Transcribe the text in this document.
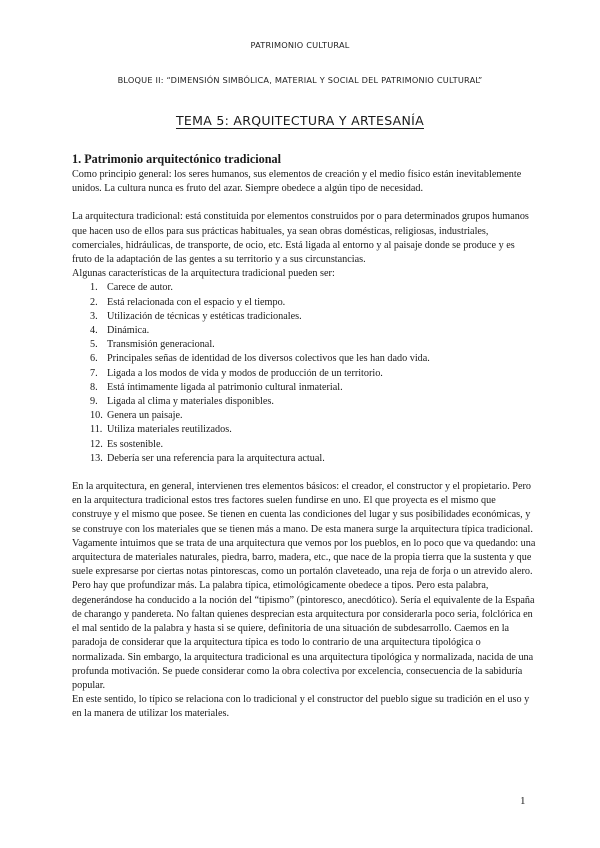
PATRIMONIO CULTURAL
BLOQUE II: “DIMENSIÓN SIMBÓLICA, MATERIAL Y SOCIAL DEL PATRIMONIO CULTURAL”
TEMA 5: ARQUITECTURA Y ARTESANÍA
1. Patrimonio arquitectónico tradicional

Como principio general: los seres humanos, sus elementos de creación y el medio físico están inevitablemente unidos. La cultura nunca es fruto del azar. Siempre obedece a algún tipo de necesidad.

La arquitectura tradicional: está constituida por elementos construidos por o para determinados grupos humanos que hacen uso de ellos para sus prácticas habituales, ya sean obras domésticas, religiosas, industriales, comerciales, hidráulicas, de transporte, de ocio, etc. Está ligada al entorno y al paisaje donde se produce y es fruto de la adaptación de las gentes a su territorio y a sus circunstancias.

Algunas características de la arquitectura tradicional pueden ser:

1. Carece de autor.
2. Está relacionada con el espacio y el tiempo.
3. Utilización de técnicas y estéticas tradicionales.
4. Dinámica.
5. Transmisión generacional.
6. Principales señas de identidad de los diversos colectivos que les han dado vida.
7. Ligada a los modos de vida y modos de producción de un territorio.
8. Está íntimamente ligada al patrimonio cultural inmaterial.
9. Ligada al clima y materiales disponibles.
10. Genera un paisaje.
11. Utiliza materiales reutilizados.
12. Es sostenible.
13. Debería ser una referencia para la arquitectura actual.

En la arquitectura, en general, intervienen tres elementos básicos: el creador, el constructor y el propietario. Pero en la arquitectura tradicional estos tres factores suelen fundirse en uno. El que proyecta es el mismo que construye y el mismo que posee. Se tienen en cuenta las condiciones del lugar y sus posibilidades económicas, y se construye con los materiales que se tienen más a mano. De esta manera surge la arquitectura típica tradicional. Vagamente intuimos que se trata de una arquitectura que vemos por los pueblos, en lo poco que va quedando: una arquitectura de materiales naturales, piedra, barro, madera, etc., que nace de la propia tierra que la sustenta y que suele expresarse por ciertas notas pintorescas, como un portalón claveteado, una reja de forja o un atrevido alero. Pero hay que profundizar más. La palabra típica, etimológicamente obedece a tipos. Pero esta palabra, degenerándose ha conducido a la noción del “tipismo” (pintoresco, anecdótico). Sería el equivalente de la España de charango y pandereta. No faltan quienes desprecian esta arquitectura por considerarla poco seria, folclórica en el mal sentido de la palabra y hasta si se quiere, definitoria de una situación de subdesarrollo. Caemos en la paradoja de considerar que la arquitectura típica es todo lo contrario de una arquitectura tipológica o normalizada. Sin embargo, la arquitectura tradicional es una arquitectura tipológica y normalizada, nacida de una profunda motivación. Se puede considerar como la obra colectiva por excelencia, consecuencia de la sabiduría popular.

En este sentido, lo típico se relaciona con lo tradicional y el constructor del pueblo sigue su tradición en el uso y en la manera de utilizar los materiales.

1
